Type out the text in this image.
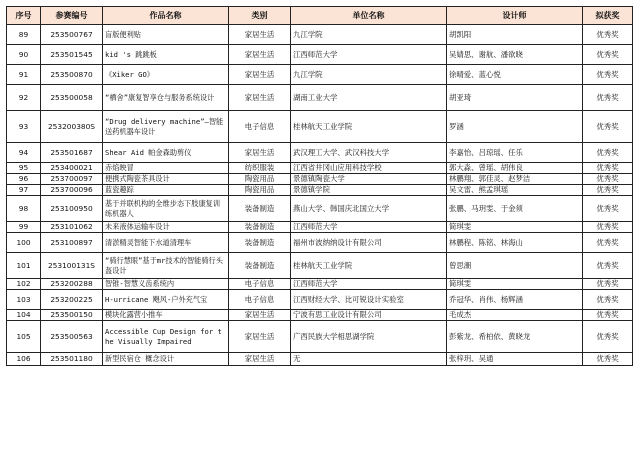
序号	参赛编号	作品名称	类别	单位名称	设计师	拟获奖
89	253500767	盲版便利贴	家居生活	九江学院	胡凯阳	优秀奖
90	253501545	kid 's 跳跳板	家居生活	江西师范大学	吴婧思、谢航、潘欲晓	优秀奖
91	253500870	《Xiker GO》	家居生活	九江学院	徐晴爱、蓝心悦	优秀奖
92	253500058	“栖舍”康复智享仓与服务系统设计	家居生活	湖南工业大学	胡亚琦	优秀奖
93	253200380S	“Drug delivery machine”—智能送药机器车设计	电子信息	桂林航天工业学院	罗涵	优秀奖
94	253501687	Shear Aid 帕金森助剪仪	家居生活	武汉理工大学、武汉科技大学	李嘉怡、吕琼瑶、任乐	优秀奖
95	253400021	赤焰映冒	纺织服装	江西省井冈山应用科技学校	郭大淼、曾瑶、胡伟良	优秀奖
96	253700097	便携式陶瓷茶具设计	陶瓷用品	景德镇陶瓷大学	林鹏翔、郭佳灵、赵梦洁	优秀奖
97	253700096	蓝瓷趣踪	陶瓷用品	景德镇学院	吴文雷、熊孟琪瑶	优秀奖
98	253100950	基于并联机构的全维步态下肢康复训练机器人	装备制造	燕山大学、韩国庆北国立大学	张鹏、马玥雯、于金须	优秀奖
99	253101062	未来液体运输车设计	装备制造	江西师范大学	简琪雯	优秀奖
100	253100897	清淤精灵智能下水道清理车	装备制造	福州市波纳纳设计有限公司	林鹏程、陈铭、林海山	优秀奖
101	253100131S	“骑行慧眼”基于mr技术的智能骑行头盔设计	装备制造	桂林航天工业学院	曾思潮	优秀奖
102	253200288	智锥-智慧义齿系统内	电子信息	江西师范大学	简琪雯	优秀奖
103	253200225	H-urricane 飓风-户外充气宝	电子信息	江西财经大学、比可锐设计实验室	乔冠华、肖伟、杨辉涵	优秀奖
104	253500150	模块化露营小推车	家居生活	宁波有思工业设计有限公司	毛成杰	优秀奖
105	253500563	Accessible Cup Design for the Visually Impaired	家居生活	广西民族大学相思湖学院	彭紫龙、希柏依、黄晓龙	优秀奖
106	253501180	新型民宿仓 概念设计	家居生活	无	张梓玥、吴通	优秀奖
